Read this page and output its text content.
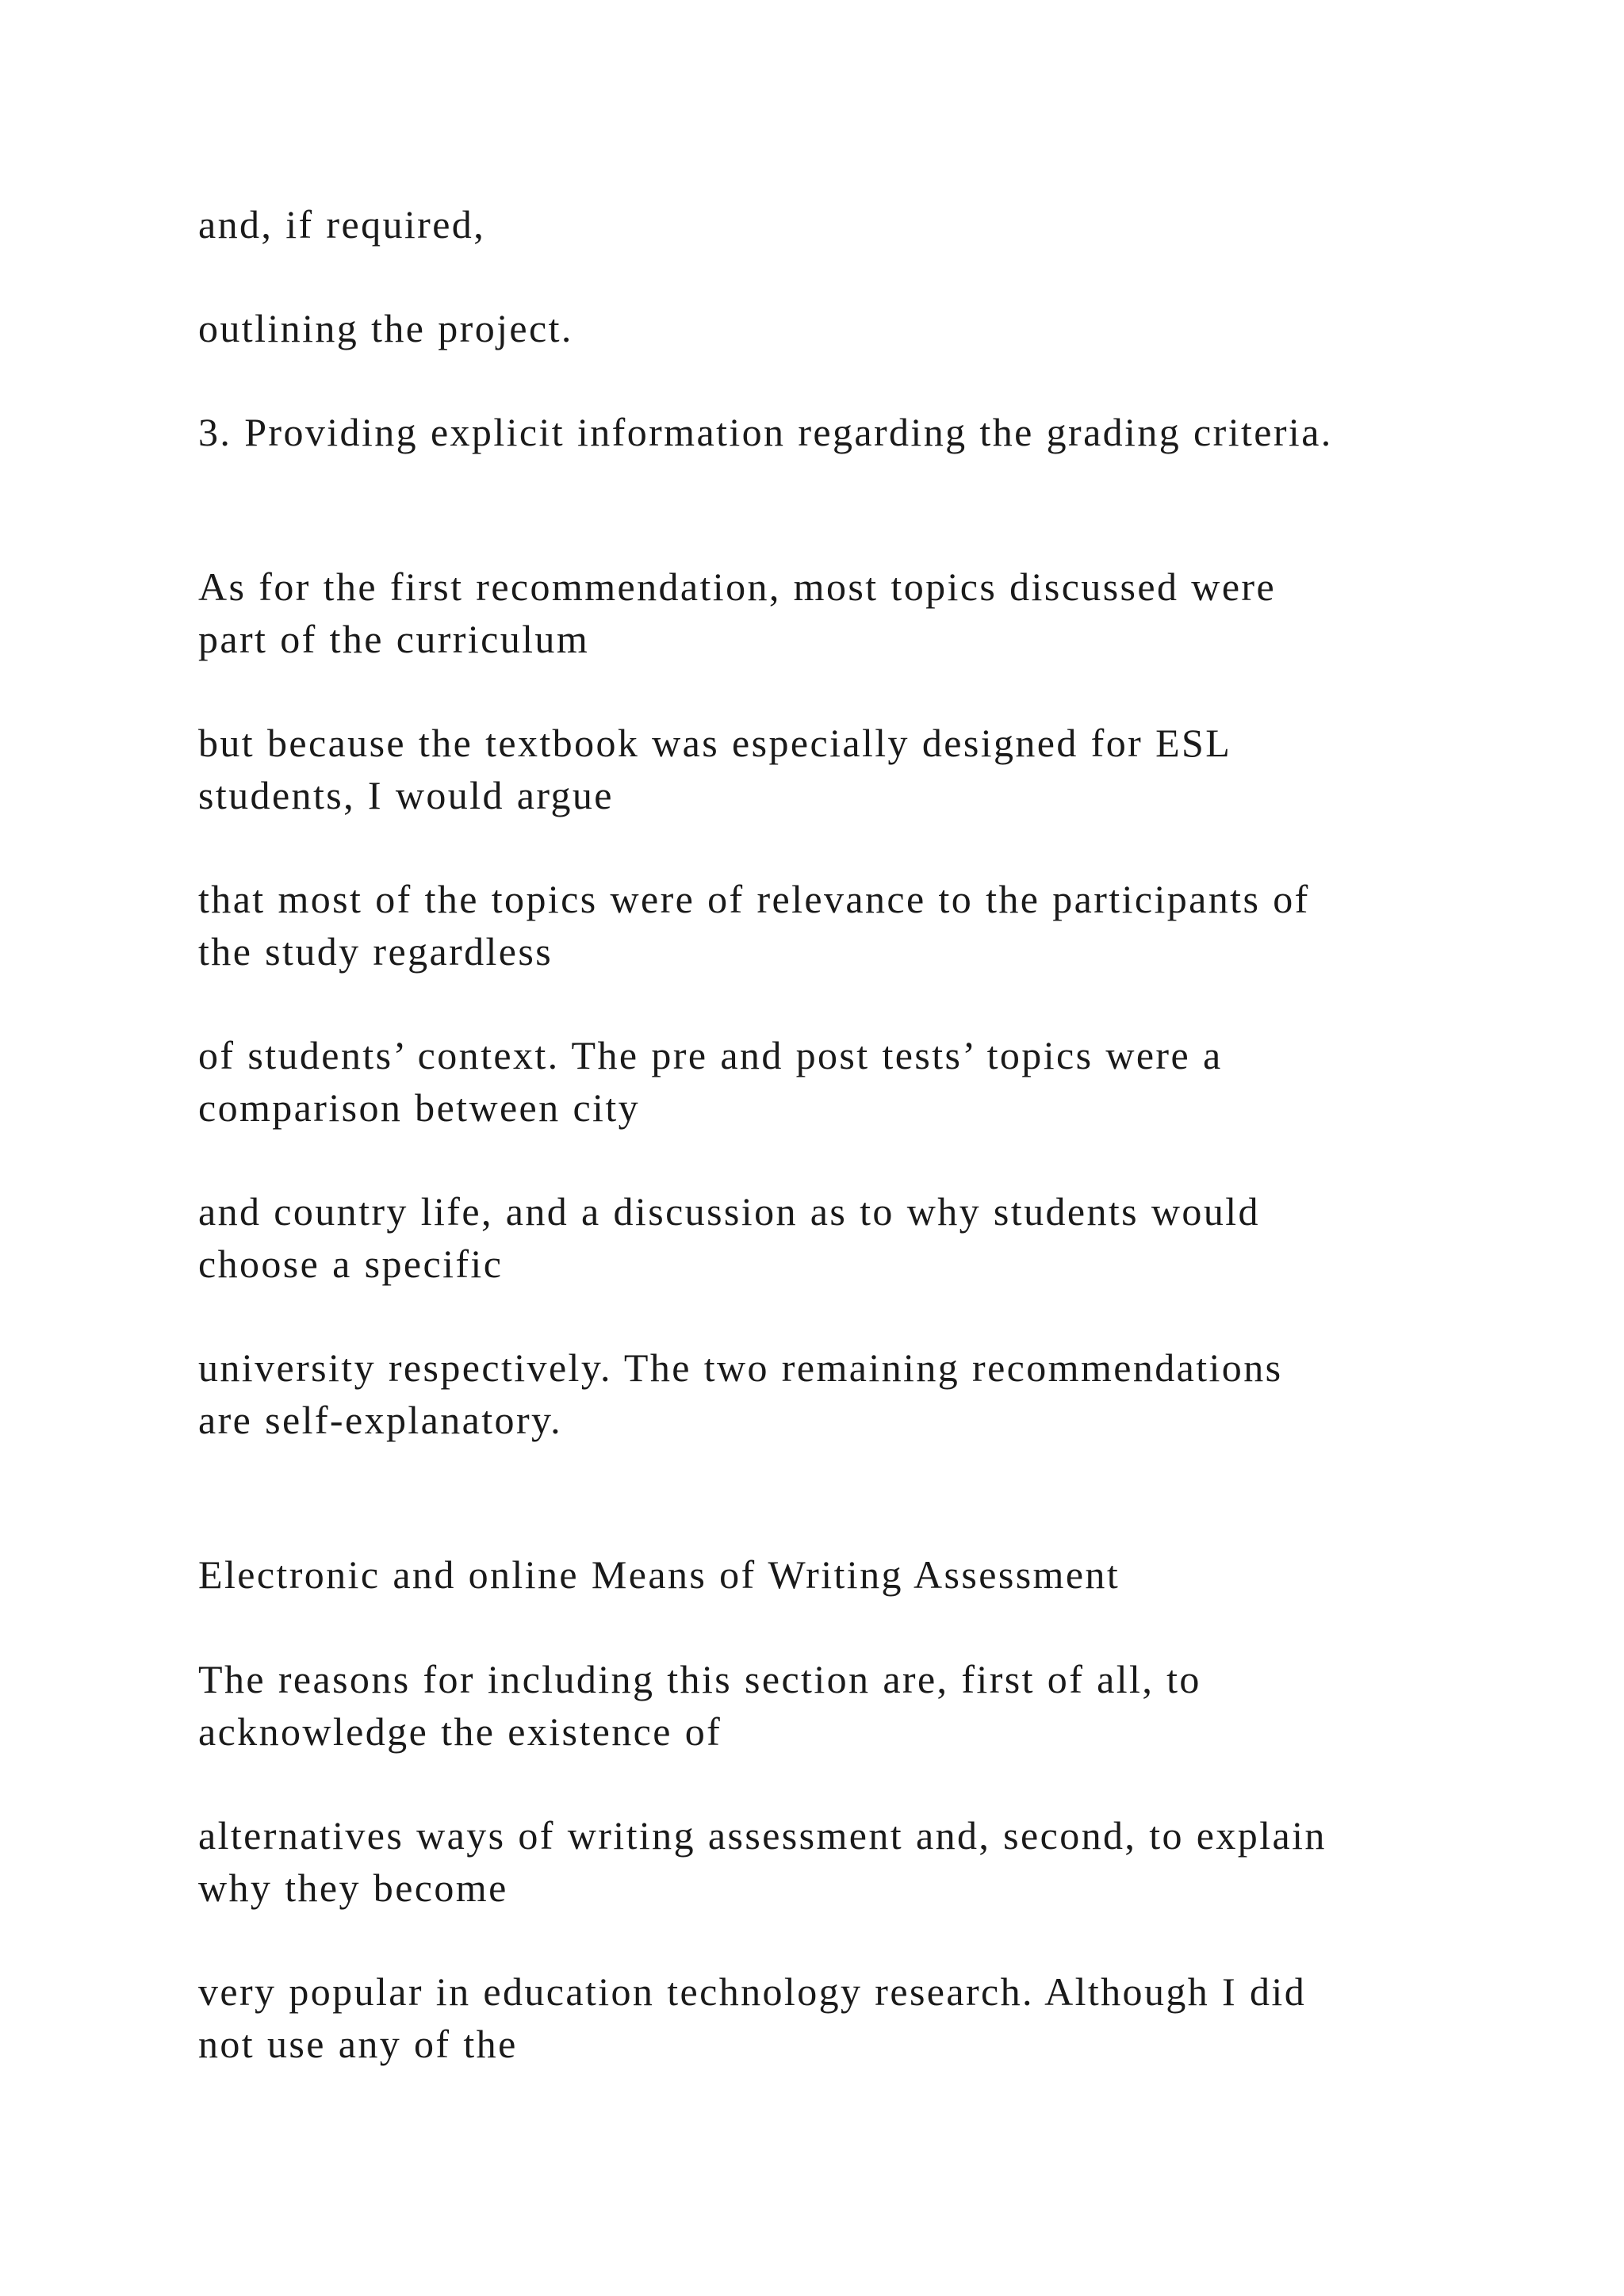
and, if required,

outlining the project.

3. Providing explicit information regarding the grading criteria.

As for the first recommendation, most topics discussed were
part of the curriculum

but because the textbook was especially designed for ESL
students, I would argue

that most of the topics were of relevance to the participants of
the study regardless

of students’ context. The pre and post tests’ topics were a
comparison between city

and country life, and a discussion as to why students would
choose a specific

university respectively. The two remaining recommendations
are self-explanatory.

Electronic and online Means of Writing Assessment

The reasons for including this section are, first of all, to
acknowledge the existence of

alternatives ways of writing assessment and, second, to explain
why they become

very popular in education technology research. Although I did
not use any of the
